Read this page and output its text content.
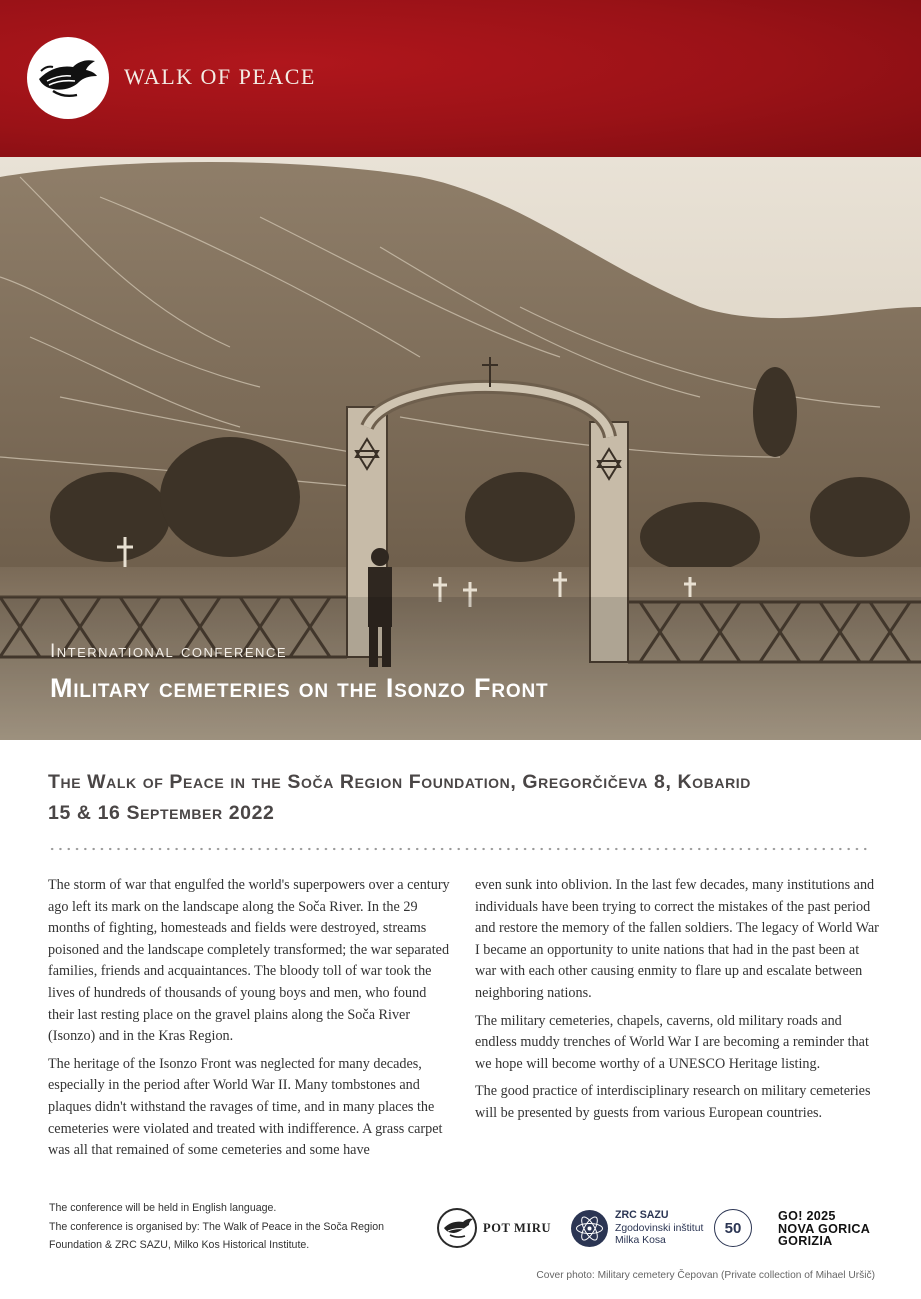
WALK OF PEACE
International conference
Military cemeteries on the Isonzo Front
The Walk of Peace in the Soča Region Foundation, Gregorčičeva 8, Kobarid
15 & 16 September 2022

The storm of war that engulfed the world's superpowers over a century ago left its mark on the landscape along the Soča River. In the 29 months of fighting, homesteads and fields were destroyed, streams poisoned and the landscape completely transformed; the war separated families, friends and acquaintances. The bloody toll of war took the lives of hundreds of thousands of young boys and men, who found their last resting place on the gravel plains along the Soča River (Isonzo) and in the Kras Region.

The heritage of the Isonzo Front was neglected for many decades, especially in the period after World War II. Many tombstones and plaques didn't withstand the ravages of time, and in many places the cemeteries were violated and treated with indifference. A grass carpet was all that remained of some cemeteries and some have

even sunk into oblivion. In the last few decades, many institutions and individuals have been trying to correct the mistakes of the past period and restore the memory of the fallen soldiers. The legacy of World War I became an opportunity to unite nations that had in the past been at war with each other causing enmity to flare up and escalate between neighboring nations.

The military cemeteries, chapels, caverns, old military roads and endless muddy trenches of World War I are becoming a reminder that we hope will become worthy of a UNESCO Heritage listing.

The good practice of interdisciplinary research on military cemeteries will be presented by guests from various European countries.

The conference will be held in English language.
The conference is organised by: The Walk of Peace in the Soča Region Foundation & ZRC SAZU, Milko Kos Historical Institute.
POT MIRU
ZRC SAZU
Zgodovinski inštitut
Milka Kosa
50
GO! 2025
NOVA GORICA
GORIZIA
Cover photo: Military cemetery Čepovan (Private collection of Mihael Uršič)
